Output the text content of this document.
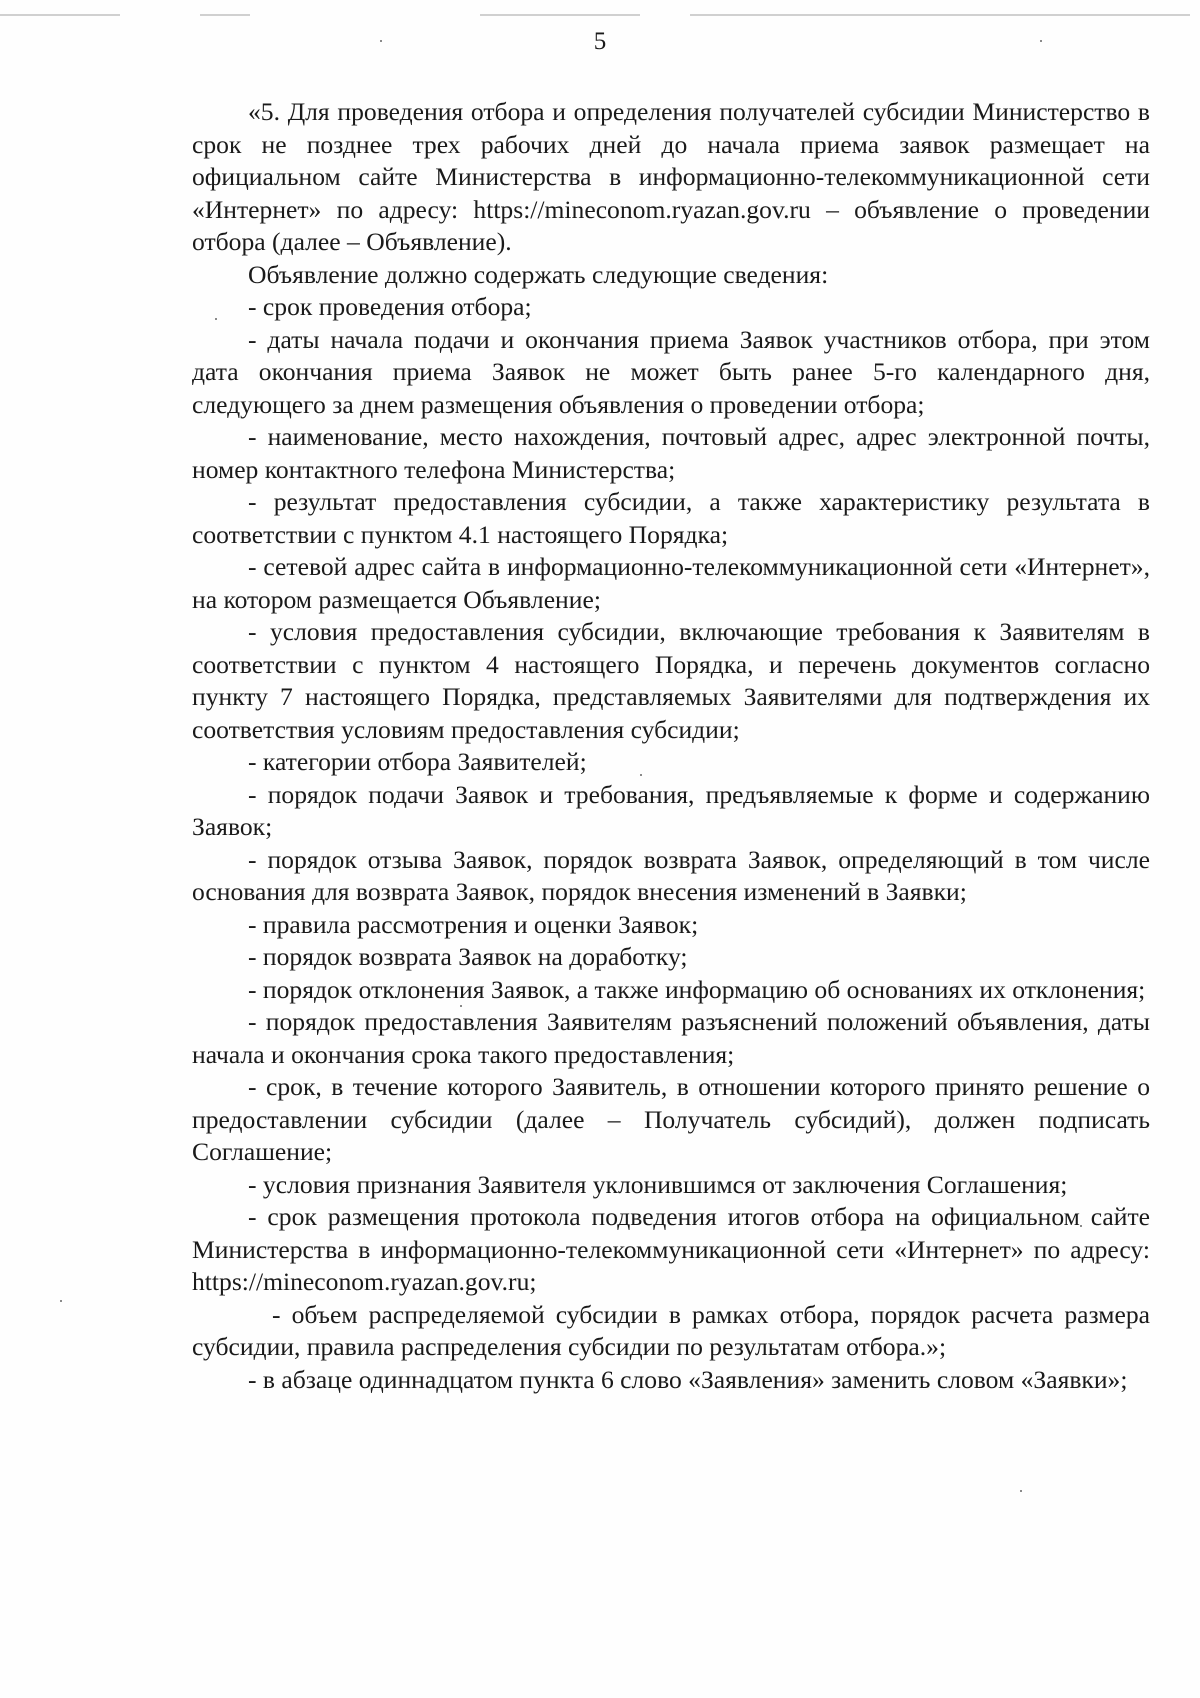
5

«5. Для проведения отбора и определения получателей субсидии Министерство в срок не позднее трех рабочих дней до начала приема заявок размещает на официальном сайте Министерства в информационно-телекоммуникационной сети «Интернет» по адресу: https://mineconom.ryazan.gov.ru – объявление о проведении отбора (далее – Объявление).

Объявление должно содержать следующие сведения:

- срок проведения отбора;

- даты начала подачи и окончания приема Заявок участников отбора, при этом дата окончания приема Заявок не может быть ранее 5-го календарного дня, следующего за днем размещения объявления о проведении отбора;

- наименование, место нахождения, почтовый адрес, адрес электронной почты, номер контактного телефона Министерства;

- результат предоставления субсидии, а также характеристику результата в соответствии с пунктом 4.1 настоящего Порядка;

- сетевой адрес сайта в информационно-телекоммуникационной сети «Интернет», на котором размещается Объявление;

- условия предоставления субсидии, включающие требования к Заявителям в соответствии с пунктом 4 настоящего Порядка, и перечень документов согласно пункту 7 настоящего Порядка, представляемых Заявителями для подтверждения их соответствия условиям предоставления субсидии;

- категории отбора Заявителей;

- порядок подачи Заявок и требования, предъявляемые к форме и содержанию Заявок;

- порядок отзыва Заявок, порядок возврата Заявок, определяющий в том числе основания для возврата Заявок, порядок внесения изменений в Заявки;

- правила рассмотрения и оценки Заявок;

- порядок возврата Заявок на доработку;

- порядок отклонения Заявок, а также информацию об основаниях их отклонения;

- порядок предоставления Заявителям разъяснений положений объявления, даты начала и окончания срока такого предоставления;

- срок, в течение которого Заявитель, в отношении которого принято решение о предоставлении субсидии (далее – Получатель субсидий), должен подписать Соглашение;

- условия признания Заявителя уклонившимся от заключения Соглашения;

- срок размещения протокола подведения итогов отбора на официальном сайте Министерства в информационно-телекоммуникационной сети «Интернет» по адресу: https://mineconom.ryazan.gov.ru;

- объем распределяемой субсидии в рамках отбора, порядок расчета размера субсидии, правила распределения субсидии по результатам отбора.»;

- в абзаце одиннадцатом пункта 6 слово «Заявления» заменить словом «Заявки»;
